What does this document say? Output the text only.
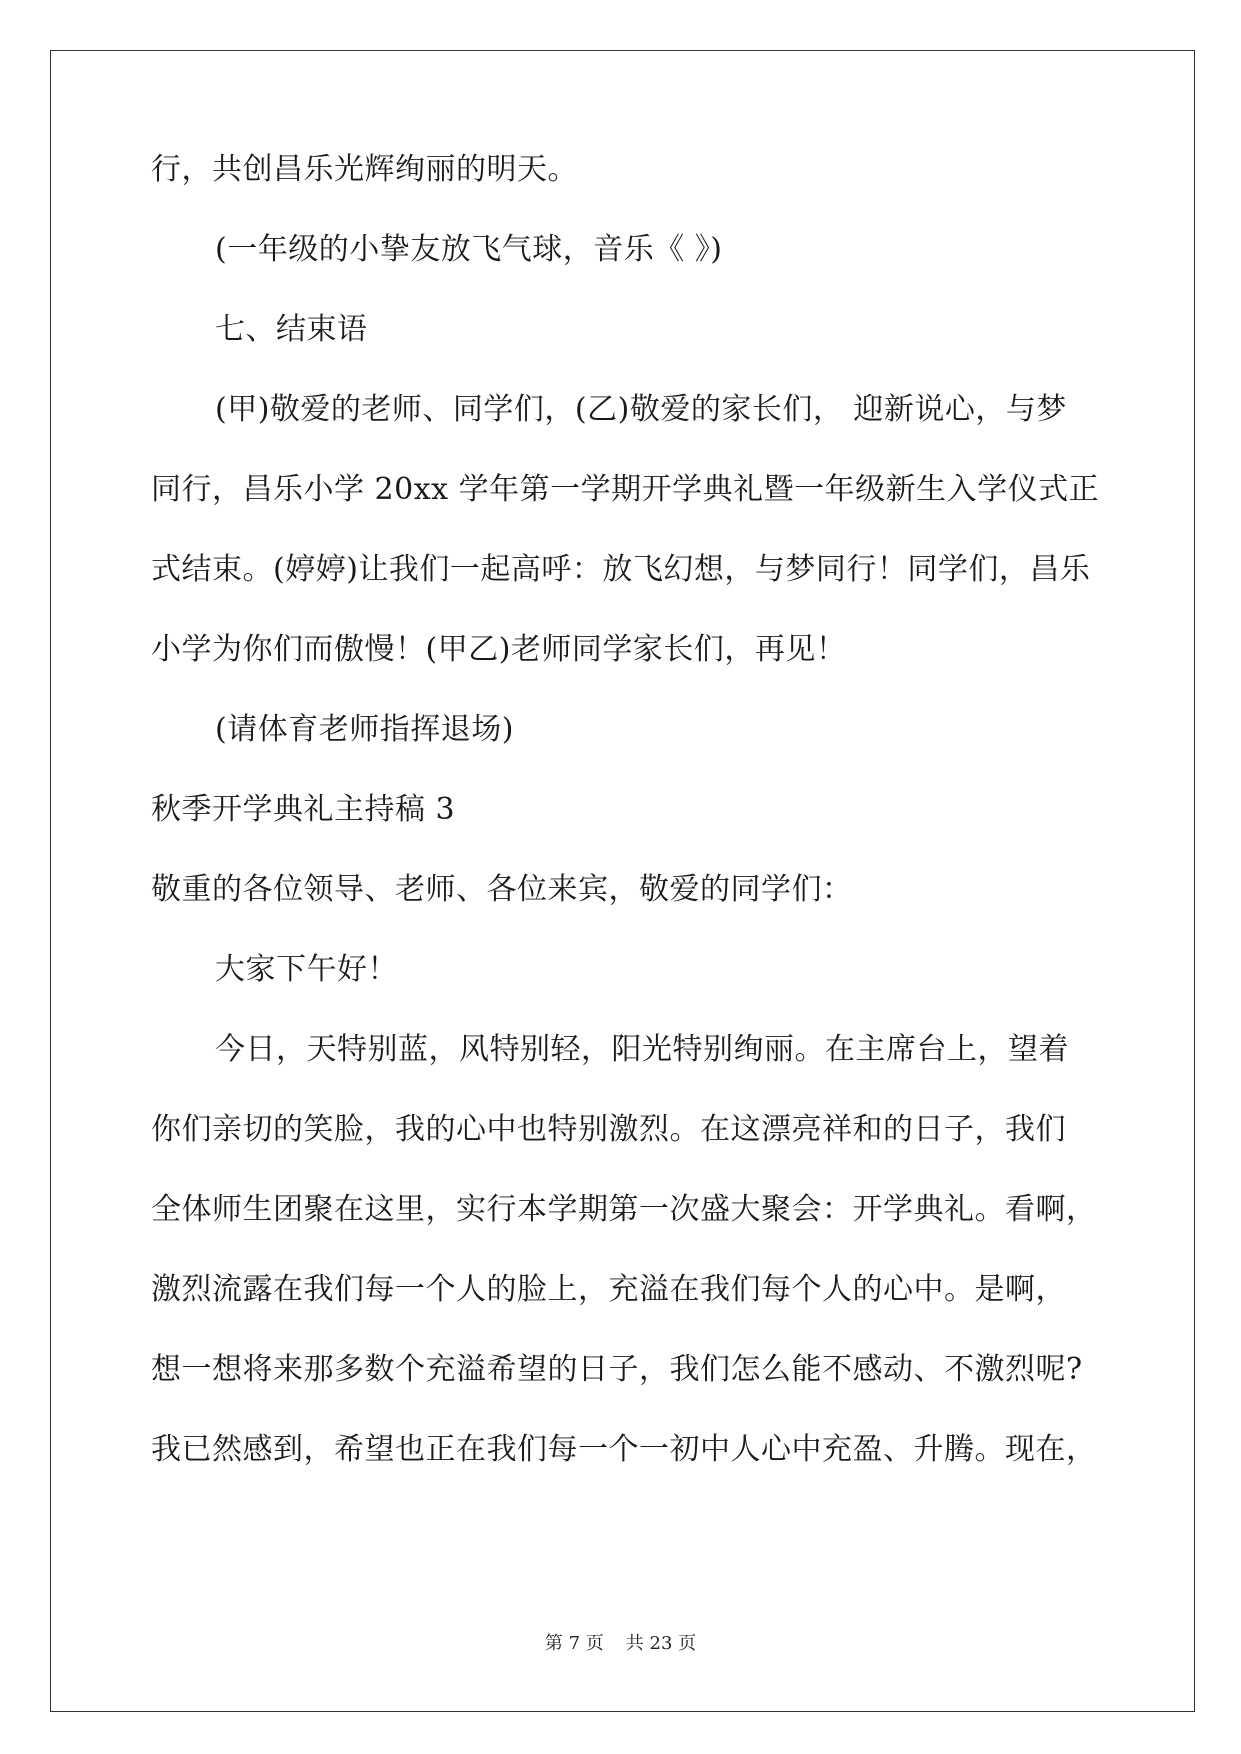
行，共创昌乐光辉绚丽的明天。
(一年级的小挚友放飞气球，音乐《 》)
七、结束语
(甲)敬爱的老师、同学们，(乙)敬爱的家长们， 迎新说心，与梦
同行，昌乐小学 20xx 学年第一学期开学典礼暨一年级新生入学仪式正
式结束。(婷婷)让我们一起高呼：放飞幻想，与梦同行！同学们，昌乐
小学为你们而傲慢！(甲乙)老师同学家长们，再见！
(请体育老师指挥退场)
秋季开学典礼主持稿 3
敬重的各位领导、老师、各位来宾，敬爱的同学们：
大家下午好！
今日，天特别蓝，风特别轻，阳光特别绚丽。在主席台上，望着
你们亲切的笑脸，我的心中也特别激烈。在这漂亮祥和的日子，我们
全体师生团聚在这里，实行本学期第一次盛大聚会：开学典礼。看啊，
激烈流露在我们每一个人的脸上，充溢在我们每个人的心中。是啊，
想一想将来那多数个充溢希望的日子，我们怎么能不感动、不激烈呢?
我已然感到，希望也正在我们每一个一初中人心中充盈、升腾。现在，
第 7 页 共 23 页
